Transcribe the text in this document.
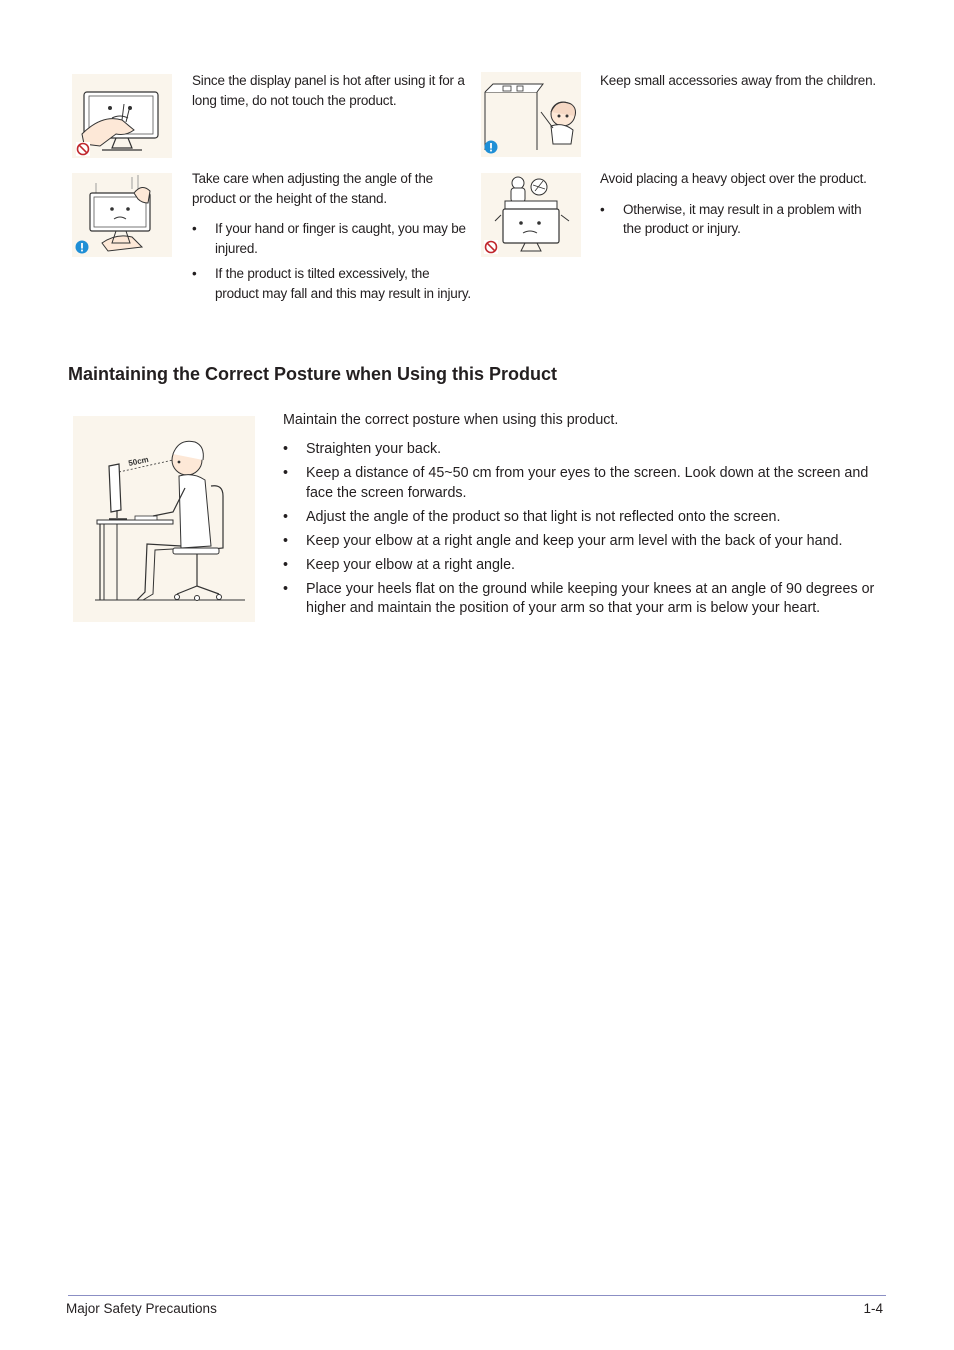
Since the display panel is hot after using it for a long time, do not touch the product.

Keep small accessories away from the children.

Take care when adjusting the angle of the product or the height of the stand.

• If your hand or finger is caught, you may be injured.
• If the product is tilted excessively, the product may fall and this may result in injury.

Avoid placing a heavy object over the product.

• Otherwise, it may result in a problem with the product or injury.
Maintaining the Correct Posture when Using this Product
50cm

Maintain the correct posture when using this product.

• Straighten your back.
• Keep a distance of 45~50 cm from your eyes to the screen. Look down at the screen and face the screen forwards.
• Adjust the angle of the product so that light is not reflected onto the screen.
• Keep your elbow at a right angle and keep your arm level with the back of your hand.
• Keep your elbow at a right angle.
• Place your heels flat on the ground while keeping your knees at an angle of 90 degrees or higher and maintain the position of your arm so that your arm is below your heart.
Major Safety Precautions	1-4
